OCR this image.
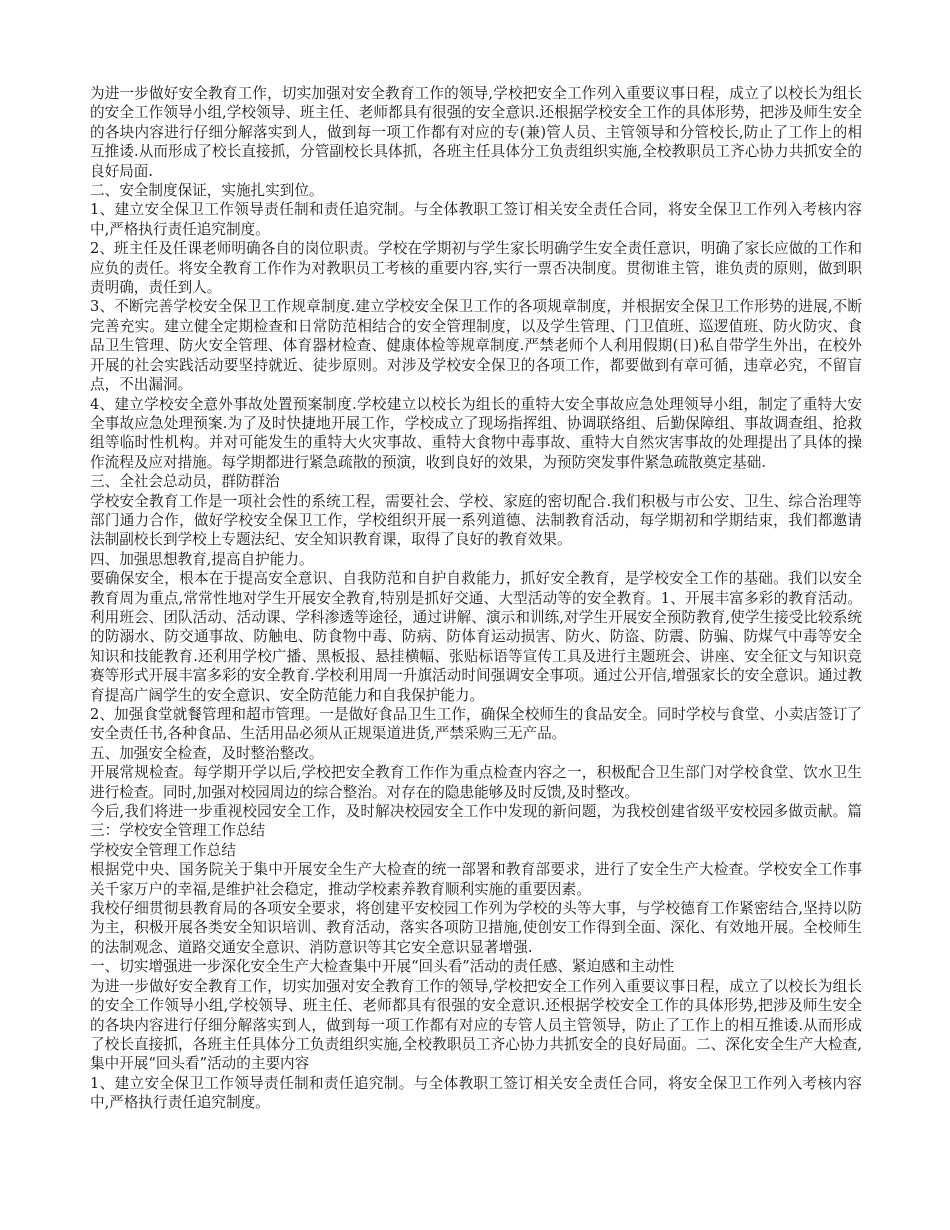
为进一步做好安全教育工作，切实加强对安全教育工作的领导,学校把安全工作列入重要议事日程，成立了以校长为组长的安全工作领导小组,学校领导、班主任、老师都具有很强的安全意识.还根据学校安全工作的具体形势，把涉及师生安全的各块内容进行仔细分解落实到人，做到每一项工作都有对应的专(兼)管人员、主管领导和分管校长,防止了工作上的相互推诿.从而形成了校长直接抓，分管副校长具体抓，各班主任具体分工负责组织实施,全校教职员工齐心协力共抓安全的良好局面.

二、安全制度保证，实施扎实到位。

1、建立安全保卫工作领导责任制和责任追究制。与全体教职工签订相关安全责任合同，将安全保卫工作列入考核内容中,严格执行责任追究制度。

2、班主任及任课老师明确各自的岗位职责。学校在学期初与学生家长明确学生安全责任意识，明确了家长应做的工作和应负的责任。将安全教育工作作为对教职员工考核的重要内容,实行一票否决制度。贯彻谁主管，谁负责的原则，做到职责明确，责任到人。

3、不断完善学校安全保卫工作规章制度.建立学校安全保卫工作的各项规章制度，并根据安全保卫工作形势的进展,不断完善充实。建立健全定期检查和日常防范相结合的安全管理制度，以及学生管理、门卫值班、巡逻值班、防火防灾、食品卫生管理、防火安全管理、体育器材检查、健康体检等规章制度.严禁老师个人利用假期(日)私自带学生外出，在校外开展的社会实践活动要坚持就近、徒步原则。对涉及学校安全保卫的各项工作，都要做到有章可循，违章必究，不留盲点，不出漏洞。

4、建立学校安全意外事故处置预案制度.学校建立以校长为组长的重特大安全事故应急处理领导小组，制定了重特大安全事故应急处理预案.为了及时快捷地开展工作，学校成立了现场指挥组、协调联络组、后勤保障组、事故调查组、抢救组等临时性机构。并对可能发生的重特大火灾事故、重特大食物中毒事故、重特大自然灾害事故的处理提出了具体的操作流程及应对措施。每学期都进行紧急疏散的预演，收到良好的效果，为预防突发事件紧急疏散奠定基础.

三、全社会总动员，群防群治

学校安全教育工作是一项社会性的系统工程，需要社会、学校、家庭的密切配合.我们积极与市公安、卫生、综合治理等部门通力合作，做好学校安全保卫工作，学校组织开展一系列道德、法制教育活动，每学期初和学期结束，我们都邀请法制副校长到学校上专题法纪、安全知识教育课，取得了良好的教育效果。

四、加强思想教育,提高自护能力。

要确保安全，根本在于提高安全意识、自我防范和自护自救能力，抓好安全教育，是学校安全工作的基础。我们以安全教育周为重点,常常性地对学生开展安全教育,特别是抓好交通、大型活动等的安全教育。1、开展丰富多彩的教育活动。利用班会、团队活动、活动课、学科渗透等途径，通过讲解、演示和训练,对学生开展安全预防教育,使学生接受比较系统的防溺水、防交通事故、防触电、防食物中毒、防病、防体育运动损害、防火、防盗、防震、防骗、防煤气中毒等安全知识和技能教育.还利用学校广播、黑板报、悬挂横幅、张贴标语等宣传工具及进行主题班会、讲座、安全征文与知识竞赛等形式开展丰富多彩的安全教育.学校利用周一升旗活动时间强调安全事项。通过公开信,增强家长的安全意识。通过教育提高广阔学生的安全意识、安全防范能力和自我保护能力。

2、加强食堂就餐管理和超市管理。一是做好食品卫生工作，确保全校师生的食品安全。同时学校与食堂、小卖店签订了安全责任书,各种食品、生活用品必须从正规渠道进货,严禁采购三无产品。

五、加强安全检查，及时整治整改。

开展常规检查。每学期开学以后,学校把安全教育工作作为重点检查内容之一，积极配合卫生部门对学校食堂、饮水卫生进行检查。同时,加强对校园周边的综合整治。对存在的隐患能够及时反馈,及时整改。

今后,我们将进一步重视校园安全工作，及时解决校园安全工作中发现的新问题，为我校创建省级平安校园多做贡献。篇三：学校安全管理工作总结

学校安全管理工作总结

根据党中央、国务院关于集中开展安全生产大检查的统一部署和教育部要求，进行了安全生产大检查。学校安全工作事关千家万户的幸福,是维护社会稳定，推动学校素养教育顺利实施的重要因素。

我校仔细贯彻县教育局的各项安全要求，将创建平安校园工作列为学校的头等大事，与学校德育工作紧密结合,坚持以防为主，积极开展各类安全知识培训、教育活动，落实各项防卫措施,使创安工作得到全面、深化、有效地开展。全校师生的法制观念、道路交通安全意识、消防意识等其它安全意识显著增强.

一、切实增强进一步深化安全生产大检查集中开展“回头看”活动的责任感、紧迫感和主动性

为进一步做好安全教育工作，切实加强对安全教育工作的领导,学校把安全工作列入重要议事日程，成立了以校长为组长的安全工作领导小组,学校领导、班主任、老师都具有很强的安全意识.还根据学校安全工作的具体形势,把涉及师生安全的各块内容进行仔细分解落实到人，做到每一项工作都有对应的专管人员主管领导，防止了工作上的相互推诿.从而形成了校长直接抓，各班主任具体分工负责组织实施,全校教职员工齐心协力共抓安全的良好局面。二、深化安全生产大检查,集中开展“回头看”活动的主要内容

1、建立安全保卫工作领导责任制和责任追究制。与全体教职工签订相关安全责任合同，将安全保卫工作列入考核内容中,严格执行责任追究制度。
